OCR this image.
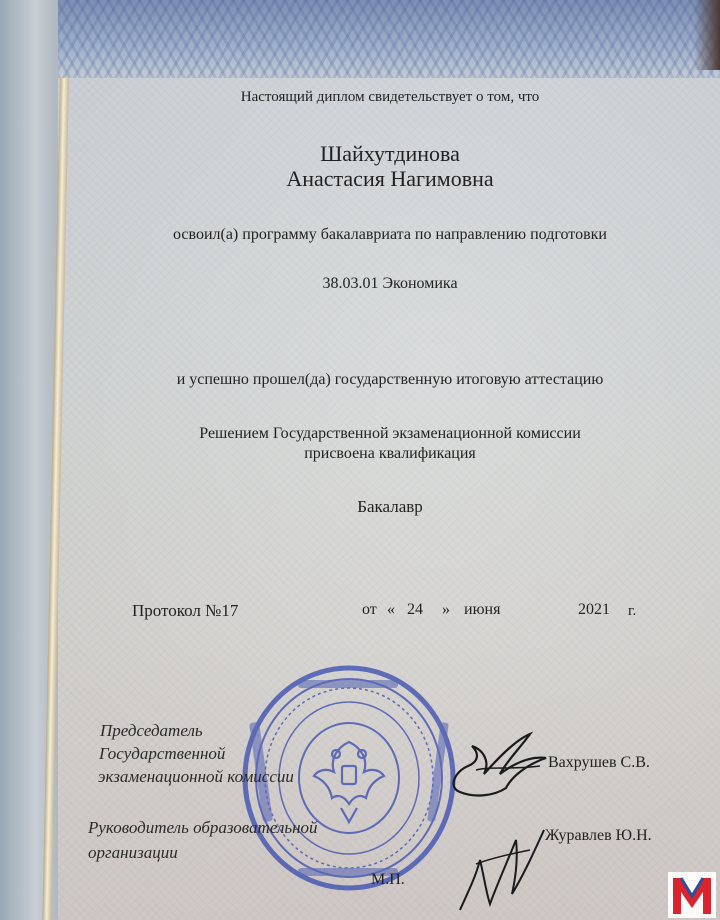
Настоящий диплом свидетельствует о том, что
Шайхутдинова
Анастасия Нагимовна
освоил(а) программу бакалавриата по направлению подготовки
38.03.01 Экономика
и успешно прошел(да) государственную итоговую аттестацию
Решением Государственной экзаменационной комиссии
присвоена квалификация
Бакалавр
Протокол №17	от « 24 » июня	2021 г.
Председатель
Государственной
экзаменационной комиссии
Вахрушев С.В.
Руководитель образовательной
организации
Журавлев Ю.Н.
М.П.
